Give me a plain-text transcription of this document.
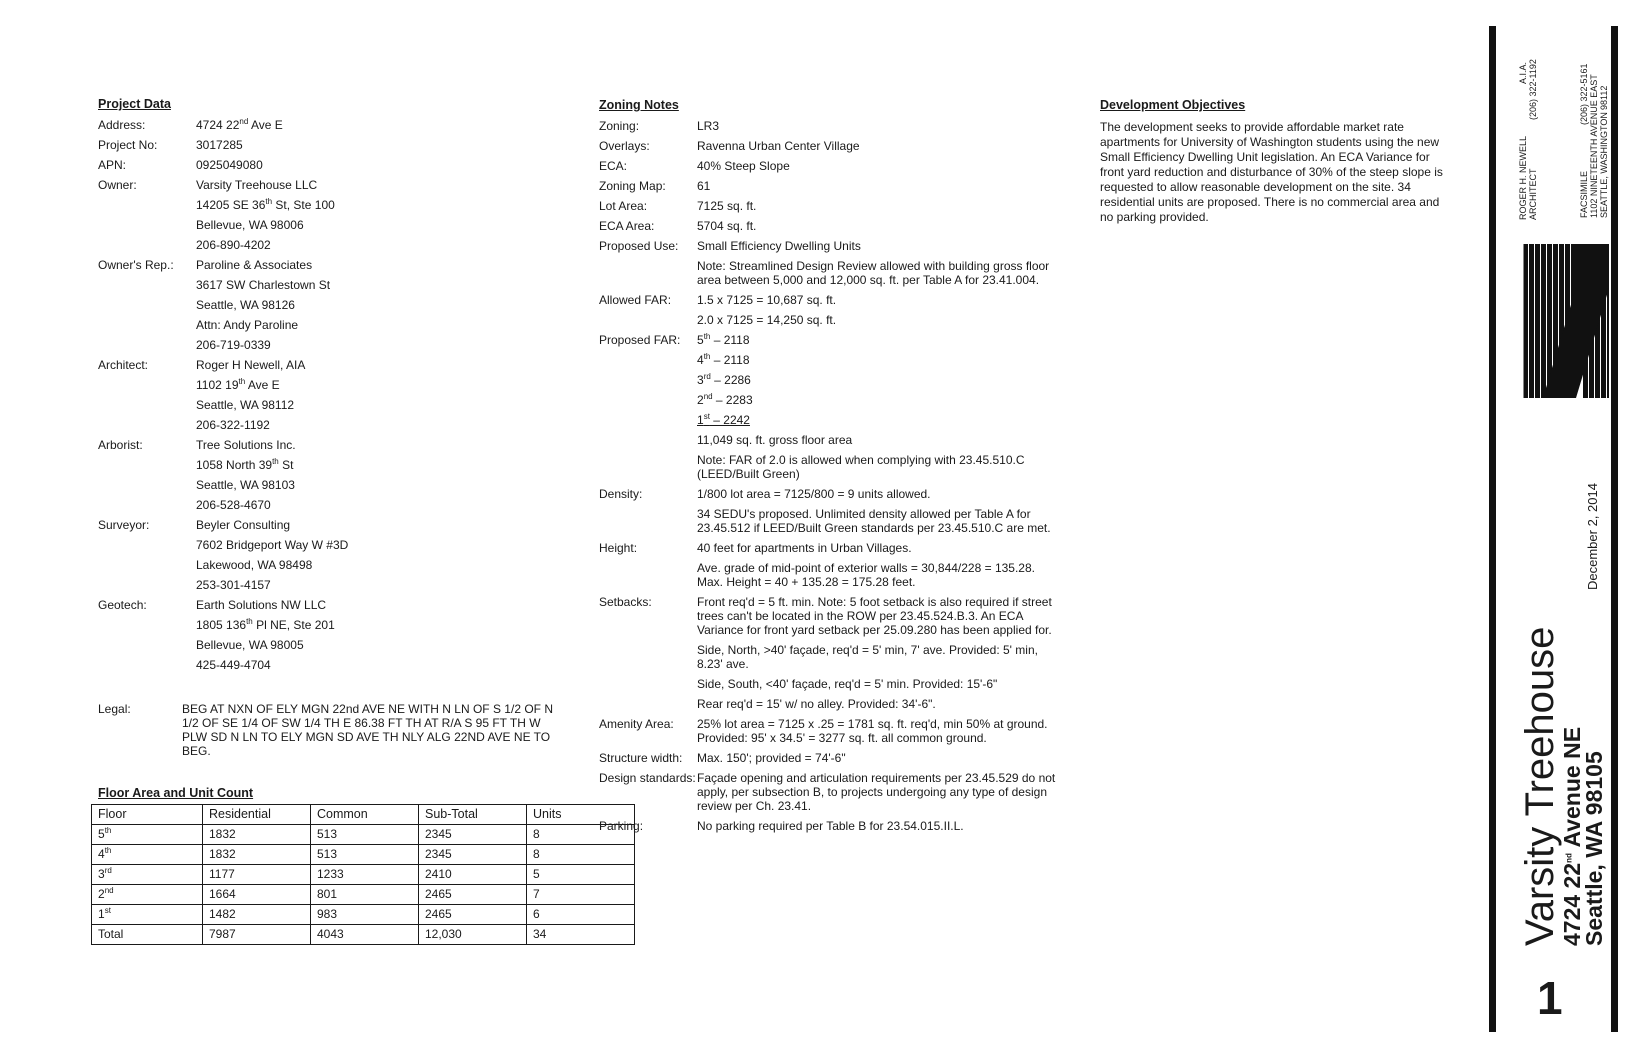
Project Data
Address:	4724 22nd Ave E
Project No:	3017285
APN:	0925049080
Owner:	Varsity Treehouse LLC
14205 SE 36th St, Ste 100
Bellevue, WA 98006
206-890-4202
Owner's Rep.: Paroline & Associates
3617 SW Charlestown St
Seattle, WA 98126
Attn: Andy Paroline
206-719-0339
Architect:	Roger H Newell, AIA
1102 19th Ave E
Seattle, WA 98112
206-322-1192
Arborist:	Tree Solutions Inc.
1058 North 39th St
Seattle, WA 98103
206-528-4670
Surveyor:	Beyler Consulting
7602 Bridgeport Way W #3D
Lakewood, WA 98498
253-301-4157
Geotech:	Earth Solutions NW LLC
1805 136th Pl NE, Ste 201
Bellevue, WA 98005
425-449-4704
Legal:	BEG AT NXN OF ELY MGN 22nd AVE NE WITH N LN OF S 1/2 OF N 1/2 OF SE 1/4 OF SW 1/4 TH E 86.38 FT TH AT R/A S 95 FT TH W PLW SD N LN TO ELY MGN SD AVE TH NLY ALG 22ND AVE NE TO BEG.
Floor Area and Unit Count
Floor	Residential	Common	Sub-Total	Units
5th	1832	513	2345	8
4th	1832	513	2345	8
3rd	1177	1233	2410	5
2nd	1664	801	2465	7
1st	1482	983	2465	6
Total	7987	4043	12,030	34
Zoning Notes
Zoning:	LR3
Overlays:	Ravenna Urban Center Village
ECA:	40% Steep Slope
Zoning Map:	61
Lot Area:	7125 sq. ft.
ECA Area:	5704 sq. ft.
Proposed Use: Small Efficiency Dwelling Units
Note: Streamlined Design Review allowed with building gross floor area between 5,000 and 12,000 sq. ft. per Table A for 23.41.004.
Allowed FAR: 1.5 x 7125 = 10,687 sq. ft.
2.0 x 7125 = 14,250 sq. ft.
Proposed FAR: 5th – 2118
4th – 2118
3rd – 2286
2nd – 2283
1st – 2242
11,049 sq. ft. gross floor area
Note: FAR of 2.0 is allowed when complying with 23.45.510.C (LEED/Built Green)
Density:	1/800 lot area = 7125/800 = 9 units allowed.
34 SEDU's proposed. Unlimited density allowed per Table A for 23.45.512 if LEED/Built Green standards per 23.45.510.C are met.
Height:	40 feet for apartments in Urban Villages.
Ave. grade of mid-point of exterior walls = 30,844/228 = 135.28. Max. Height = 40 + 135.28 = 175.28 feet.
Setbacks:	Front req'd = 5 ft. min. Note: 5 foot setback is also required if street trees can't be located in the ROW per 23.45.524.B.3. An ECA Variance for front yard setback per 25.09.280 has been applied for.
Side, North, >40' façade, req'd = 5' min, 7' ave. Provided: 5' min, 8.23' ave.
Side, South, <40' façade, req'd = 5' min. Provided: 15'-6"
Rear req'd = 15' w/ no alley. Provided: 34'-6".
Amenity Area: 25% lot area = 7125 x .25 = 1781 sq. ft. req'd, min 50% at ground. Provided: 95' x 34.5' = 3277 sq. ft. all common ground.
Structure width: Max. 150'; provided = 74'-6"
Design standards: Façade opening and articulation requirements per 23.45.529 do not apply, per subsection B, to projects undergoing any type of design review per Ch. 23.41.
Parking:	No parking required per Table B for 23.54.015.II.L.
Development Objectives
The development seeks to provide affordable market rate apartments for University of Washington students using the new Small Efficiency Dwelling Unit legislation. An ECA Variance for front yard reduction and disturbance of 30% of the steep slope is requested to allow reasonable development on the site. 34 residential units are proposed. There is no commercial area and no parking provided.	ROGER H. NEWELL ARCHITECT
A.I.A. (206) 322-1192
FACSIMILE
(206) 322-5161 1102 NINETEENTH AVENUE EAST SEATTLE, WASHINGTON
98112
Varsity Treehouse
4724 22nd Avenue NE
Seattle, WA 98105
December 2, 2014
1
